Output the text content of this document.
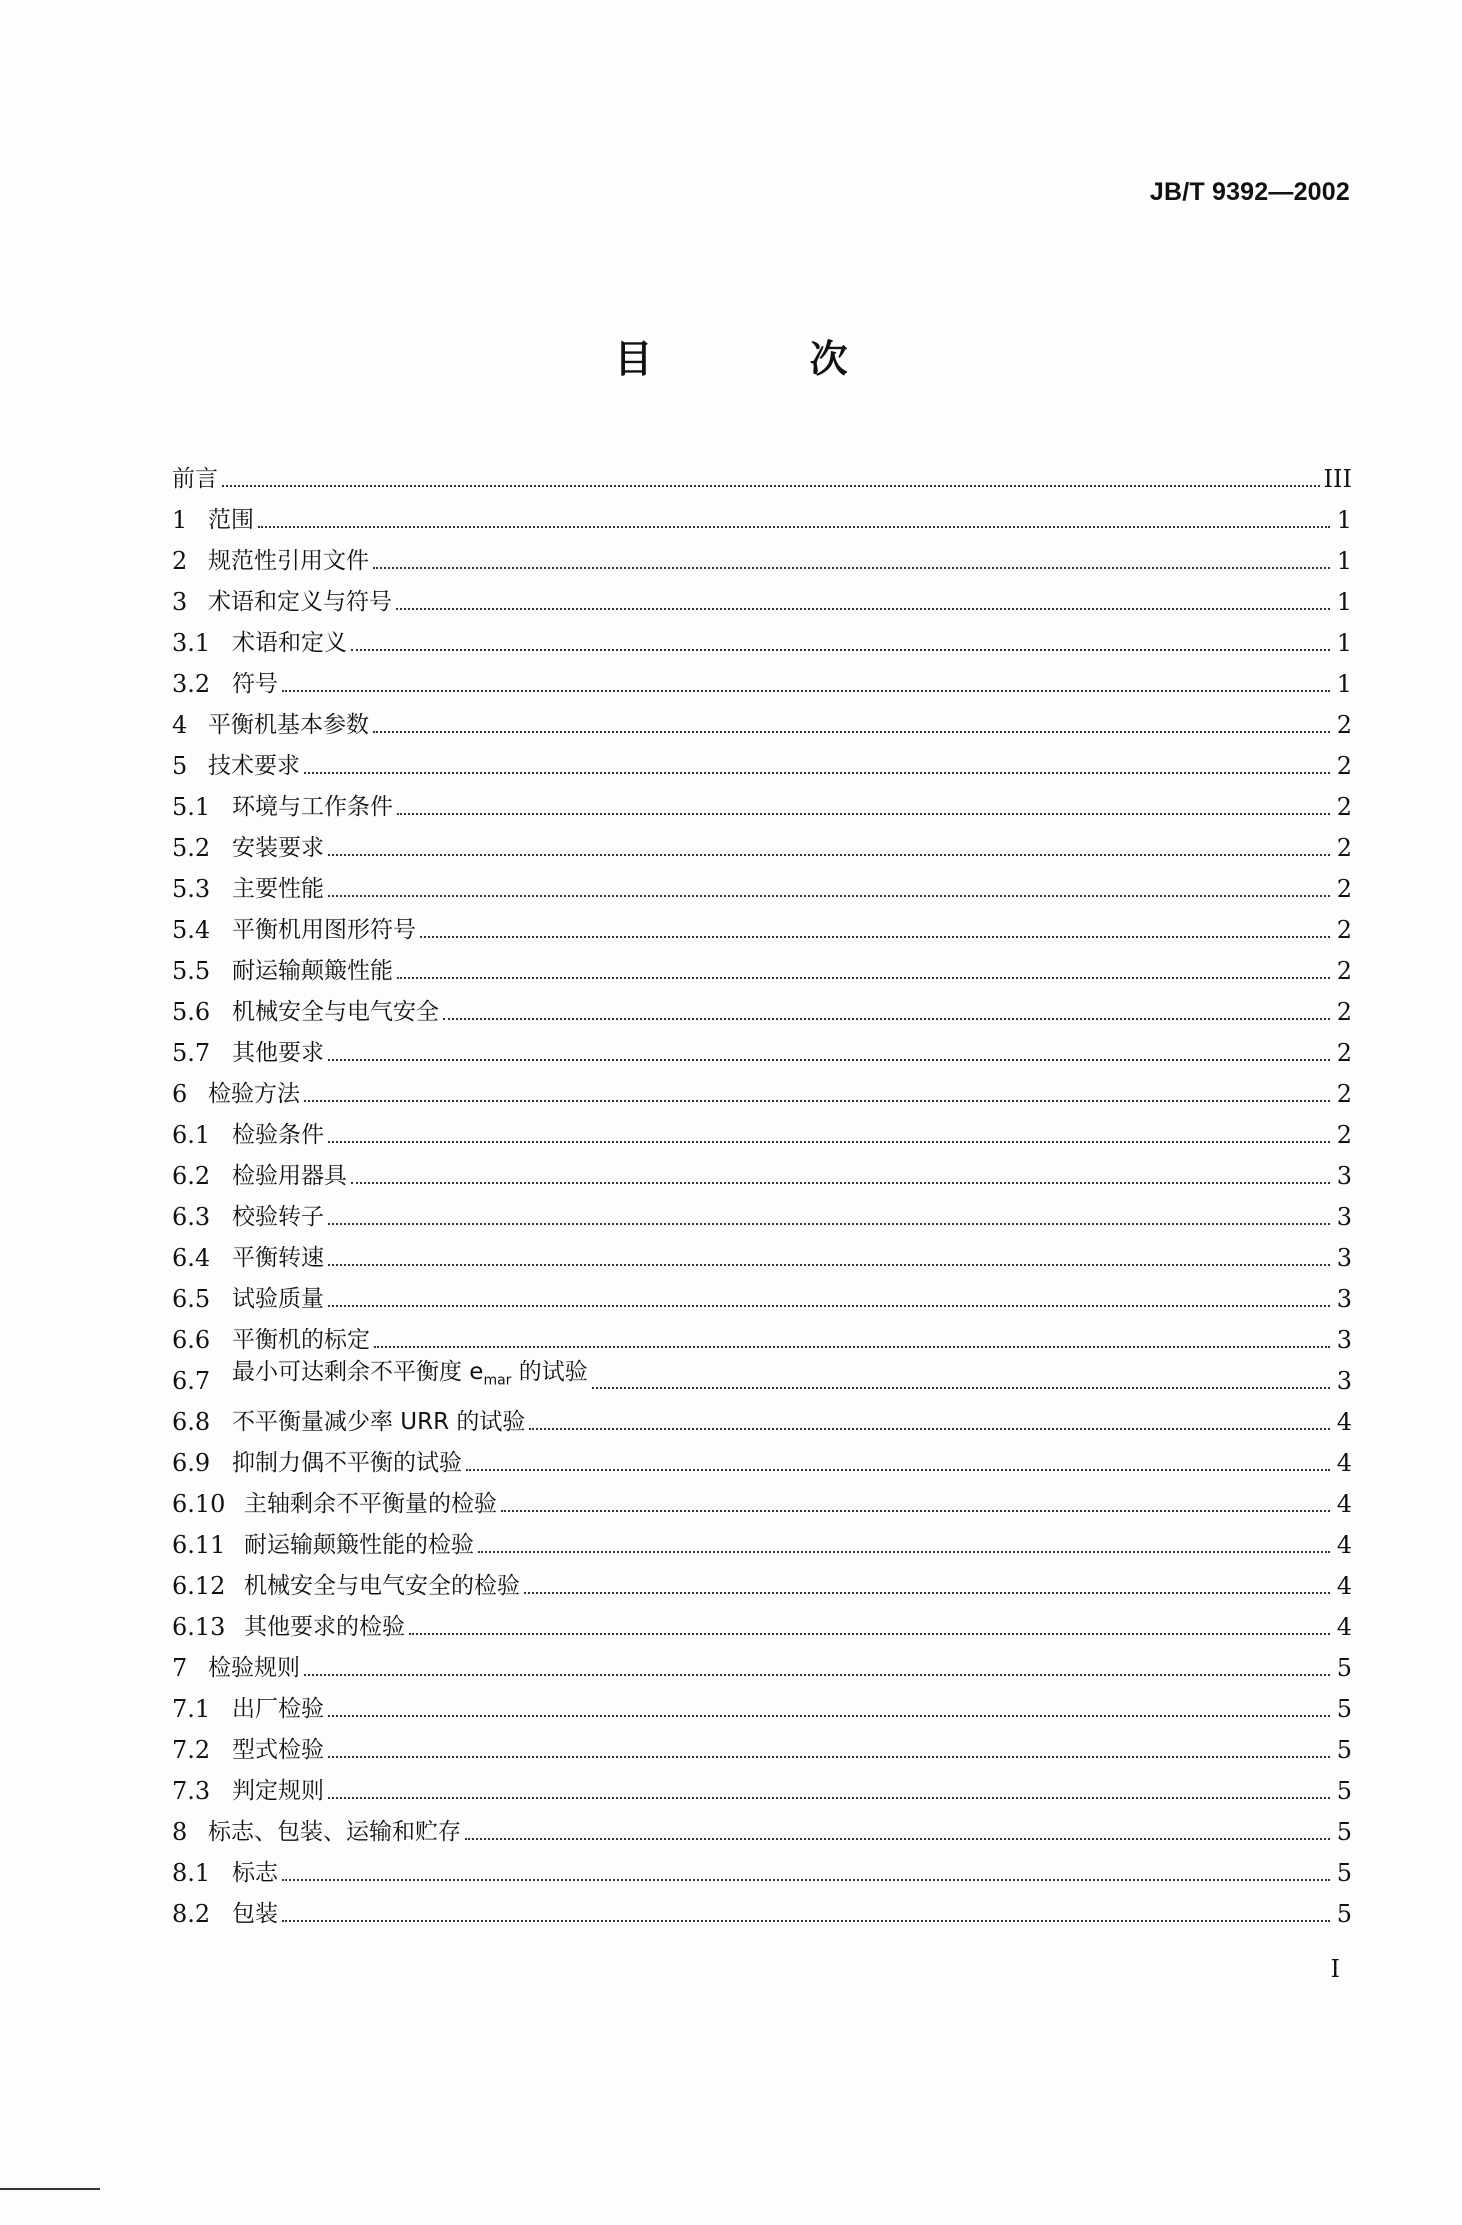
JB/T 9392—2002
目 次
前言	III
1 范围	1
2 规范性引用文件	1
3 术语和定义与符号	1
3.1 术语和定义	1
3.2 符号	1
4 平衡机基本参数	2
5 技术要求	2
5.1 环境与工作条件	2
5.2 安装要求	2
5.3 主要性能	2
5.4 平衡机用图形符号	2
5.5 耐运输颠簸性能	2
5.6 机械安全与电气安全	2
5.7 其他要求	2
6 检验方法	2
6.1 检验条件	2
6.2 检验用器具	3
6.3 校验转子	3
6.4 平衡转速	3
6.5 试验质量	3
6.6 平衡机的标定	3
6.7 最小可达剩余不平衡度 $e_{mar}$ 的试验	3
6.8 不平衡量减少率 URR 的试验	4
6.9 抑制力偶不平衡的试验	4
6.10 主轴剩余不平衡量的检验	4
6.11 耐运输颠簸性能的检验	4
6.12 机械安全与电气安全的检验	4
6.13 其他要求的检验	4
7 检验规则	5
7.1 出厂检验	5
7.2 型式检验	5
7.3 判定规则	5
8 标志、包装、运输和贮存	5
8.1 标志	5
8.2 包装	5
I
